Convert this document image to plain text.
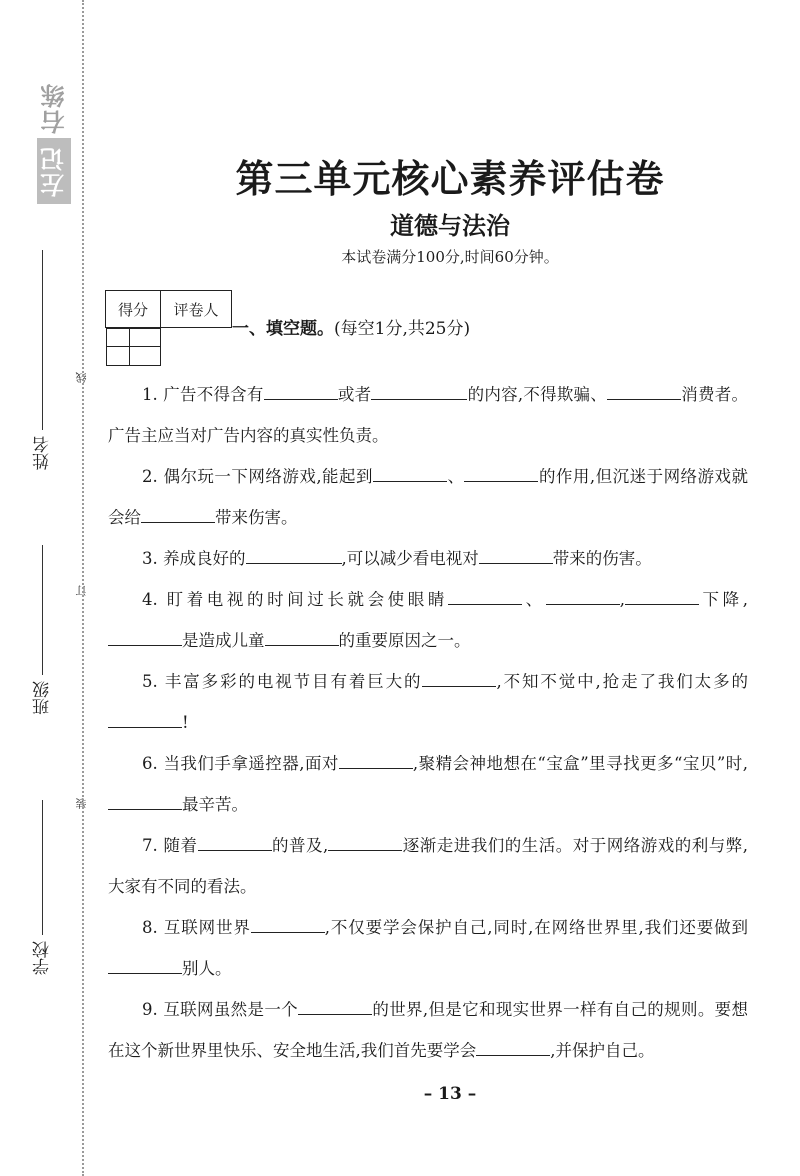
右练
左记
姓名
班级
学校
线
订
装
第三单元核心素养评估卷
道德与法治
本试卷满分100分,时间60分钟。
得分	评卷人

一、填空题。(每空1分,共25分)

1. 广告不得含有	或者	的内容,不得欺骗、	消费者。广告主应当对广告内容的真实性负责。

2. 偶尔玩一下网络游戏,能起到	、	的作用,但沉迷于网络游戏就会给	带来伤害。

3. 养成良好的	,可以减少看电视对	带来的伤害。

4. 盯着电视的时间过长就会使眼睛	、	,	下降,是造成儿童	的重要原因之一。

5. 丰富多彩的电视节目有着巨大的	,不知不觉中,抢走了我们太多的!

6. 当我们手拿遥控器,面对	,聚精会神地想在“宝盒”里寻找更多“宝贝”时,最辛苦。

7. 随着	的普及,	逐渐走进我们的生活。对于网络游戏的利与弊,大家有不同的看法。

8. 互联网世界	,不仅要学会保护自己,同时,在网络世界里,我们还要做到别人。

9. 互联网虽然是一个	的世界,但是它和现实世界一样有自己的规则。要想在这个新世界里快乐、安全地生活,我们首先要学会	,并保护自己。

– 13 –
